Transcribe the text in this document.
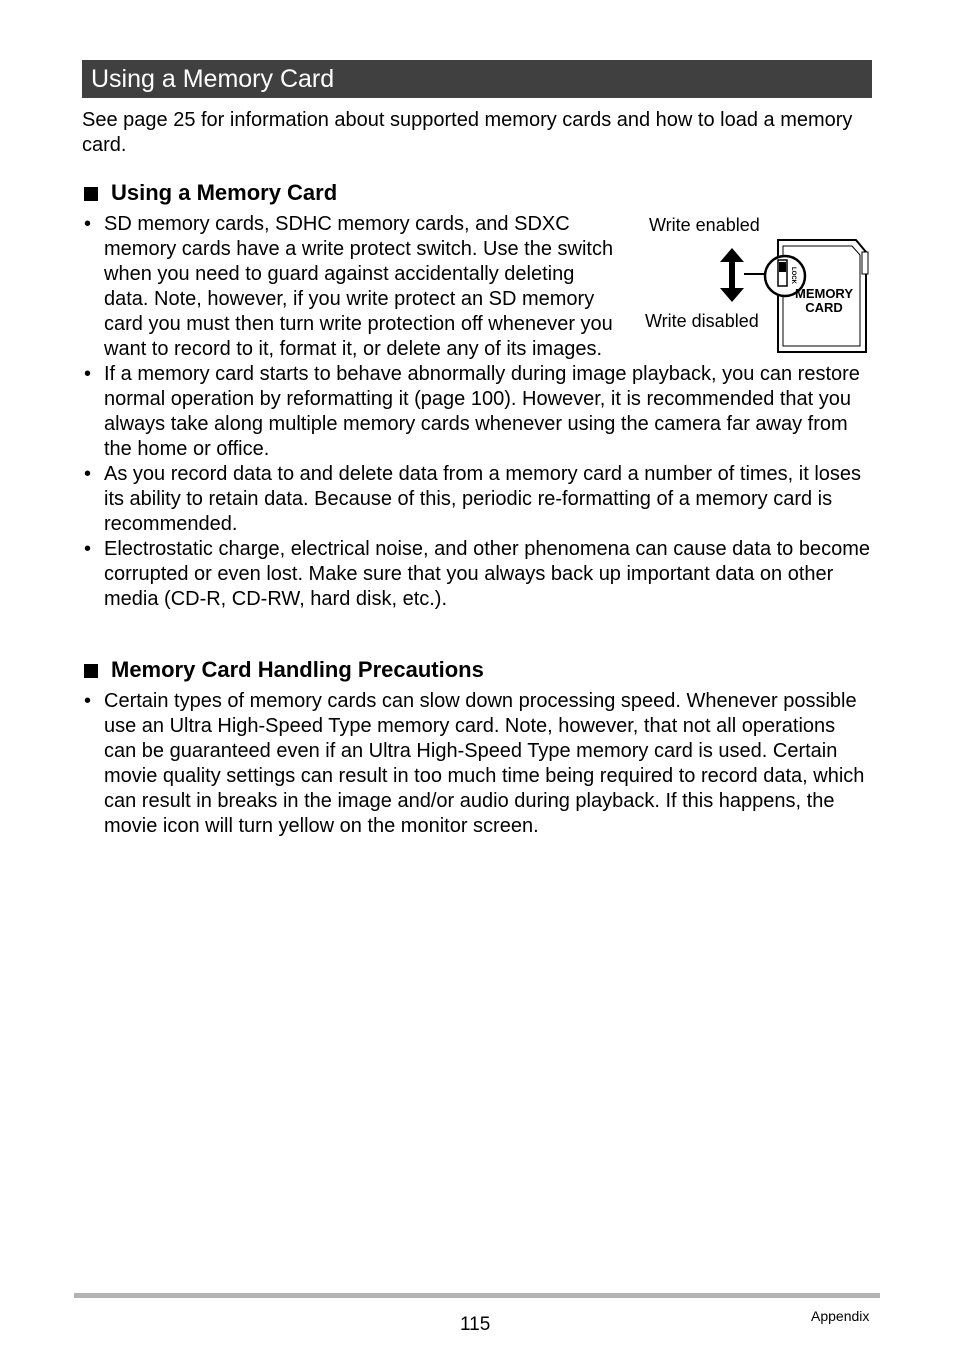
Using a Memory Card
See page 25 for information about supported memory cards and how to load a memory card.
Using a Memory Card
• SD memory cards, SDHC memory cards, and SDXC memory cards have a write protect switch. Use the switch when you need to guard against accidentally deleting data. Note, however, if you write protect an SD memory card you must then turn write protection off whenever you want to record to it, format it, or delete any of its images.
• If a memory card starts to behave abnormally during image playback, you can restore normal operation by reformatting it (page 100). However, it is recommended that you always take along multiple memory cards whenever using the camera far away from the home or office.
• As you record data to and delete data from a memory card a number of times, it loses its ability to retain data. Because of this, periodic re-formatting of a memory card is recommended.
• Electrostatic charge, electrical noise, and other phenomena can cause data to become corrupted or even lost. Make sure that you always back up important data on other media (CD-R, CD-RW, hard disk, etc.).
Write enabled
Write disabled
LOCK
MEMORY
CARD
Memory Card Handling Precautions
• Certain types of memory cards can slow down processing speed. Whenever possible use an Ultra High-Speed Type memory card. Note, however, that not all operations can be guaranteed even if an Ultra High-Speed Type memory card is used. Certain movie quality settings can result in too much time being required to record data, which can result in breaks in the image and/or audio during playback. If this happens, the movie icon will turn yellow on the monitor screen.
115	Appendix
